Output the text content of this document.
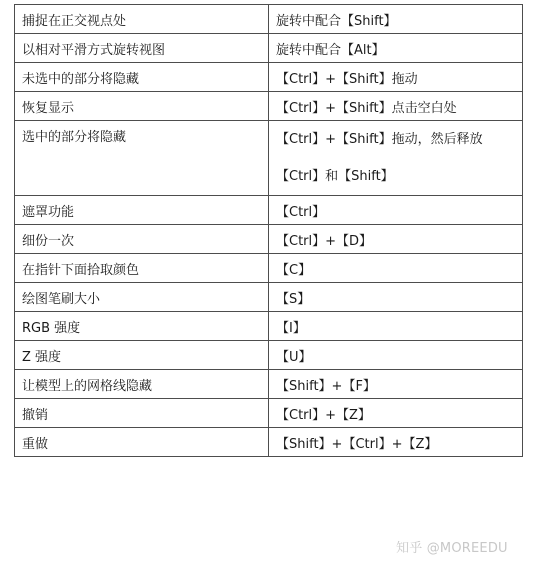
捕捉在正交视点处	旋转中配合【Shift】
以相对平滑方式旋转视图	旋转中配合【Alt】
未选中的部分将隐藏	【Ctrl】+【Shift】拖动
恢复显示	【Ctrl】+【Shift】点击空白处
选中的部分将隐藏	【Ctrl】+【Shift】拖动，然后释放【Ctrl】和【Shift】
遮罩功能	【Ctrl】
细份一次	【Ctrl】+【D】
在指针下面拾取颜色	【C】
绘图笔刷大小	【S】
RGB 强度	【I】
Z 强度	【U】
让模型上的网格线隐藏	【Shift】+【F】
撤销	【Ctrl】+【Z】
重做	【Shift】+【Ctrl】+【Z】
知乎 @MOREEDU
